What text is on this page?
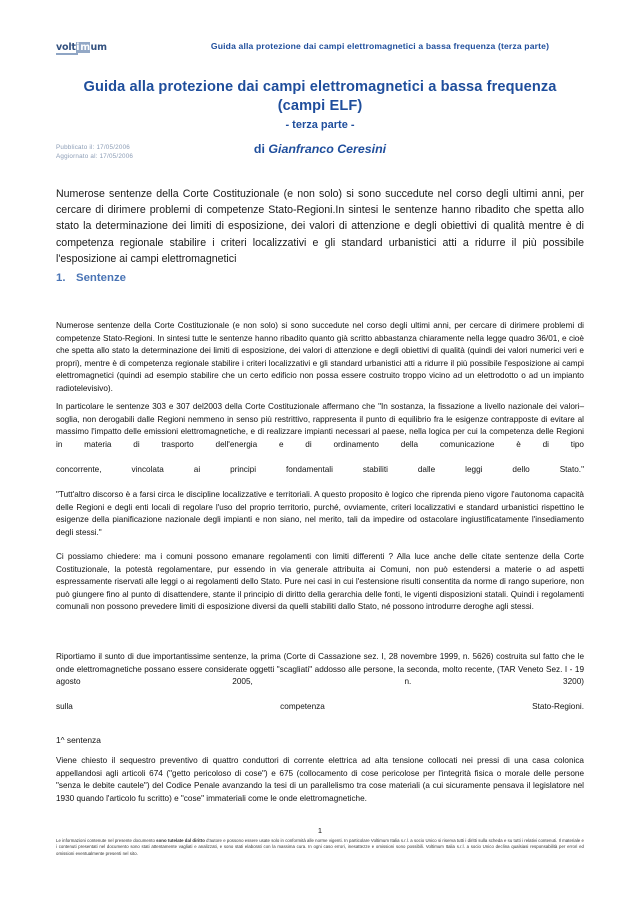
voltimum	Guida alla protezione dai campi elettromagnetici a bassa frequenza (terza parte)
Guida alla protezione dai campi elettromagnetici a bassa frequenza
(campi ELF)
- terza parte -
Pubblicato il: 17/05/2006
Aggiornato al: 17/05/2006	di Gianfranco Ceresini
Numerose sentenze della Corte Costituzionale (e non solo) si sono succedute nel corso degli ultimi anni, per cercare di dirimere problemi di competenze Stato-Regioni.In sintesi le sentenze hanno ribadito che spetta allo stato la determinazione dei limiti di esposizione, dei valori di attenzione e degli obiettivi di qualità mentre è di competenza regionale stabilire i criteri localizzativi e gli standard urbanistici atti a ridurre il più possibile l'esposizione ai campi elettromagnetici
1. Sentenze
Numerose sentenze della Corte Costituzionale (e non solo) si sono succedute nel corso degli ultimi anni, per cercare di dirimere problemi di competenze Stato-Regioni. In sintesi tutte le sentenze hanno ribadito quanto già scritto abbastanza chiaramente nella legge quadro 36/01, e cioè che spetta allo stato la determinazione dei limiti di esposizione, dei valori di attenzione e degli obiettivi di qualità (quindi dei valori numerici veri e propri), mentre è di competenza regionale stabilire i criteri localizzativi e gli standard urbanistici atti a ridurre il più possibile l'esposizione ai campi elettromagnetici (quindi ad esempio stabilire che un certo edificio non possa essere costruito troppo vicino ad un elettrodotto o ad un impianto radiotelevisivo).
In particolare le sentenze 303 e 307 del2003 della Corte Costituzionale affermano che "In sostanza, la fissazione a livello nazionale dei valori–soglia, non derogabili dalle Regioni nemmeno in senso più restrittivo, rappresenta il punto di equilibrio fra le esigenze contrapposte di evitare al massimo l'impatto delle emissioni elettromagnetiche, e di realizzare impianti necessari al paese, nella logica per cui la competenza delle Regioni in materia di trasporto dell'energia e di ordinamento della comunicazione è di tipo
concorrente, vincolata ai principi fondamentali stabiliti dalle leggi dello Stato."
"Tutt'altro discorso è a farsi circa le discipline localizzative e territoriali. A questo proposito è logico che riprenda pieno vigore l'autonoma capacità delle Regioni e degli enti locali di regolare l'uso del proprio territorio, purché, ovviamente, criteri localizzativi e standard urbanistici rispettino le esigenze della pianificazione nazionale degli impianti e non siano, nel merito, tali da impedire od ostacolare ingiustificatamente l'insediamento degli stessi."
Ci possiamo chiedere: ma i comuni possono emanare regolamenti con limiti differenti ? Alla luce anche delle citate sentenze della Corte Costituzionale, la potestà regolamentare, pur essendo in via generale attribuita ai Comuni, non può estendersi a materie o ad aspetti espressamente riservati alle leggi o ai regolamenti dello Stato. Pure nei casi in cui l'estensione risulti consentita da norme di rango superiore, non può giungere fino al punto di disattendere, stante il principio di diritto della gerarchia delle fonti, le vigenti disposizioni statali. Quindi i regolamenti comunali non possono prevedere limiti di esposizione diversi da quelli stabiliti dallo Stato, né possono introdurre deroghe agli stessi.
Riportiamo il sunto di due importantissime sentenze, la prima (Corte di Cassazione sez. I, 28 novembre 1999, n. 5626) costruita sul fatto che le onde elettromagnetiche possano essere considerate oggetti "scagliati" addosso alle persone, la seconda, molto recente, (TAR Veneto Sez. I - 19 agosto 2005, n. 3200)
sulla	competenza	Stato-Regioni.
1^ sentenza
Viene chiesto il sequestro preventivo di quattro conduttori di corrente elettrica ad alta tensione collocati nei pressi di una casa colonica appellandosi agli articoli 674 ("getto pericoloso di cose") e 675 (collocamento di cose pericolose per l'integrità fisica o morale delle persone "senza le debite cautele") del Codice Penale avanzando la tesi di un parallelismo tra cose materiali (a cui sicuramente pensava il legislatore nel 1930 quando l'articolo fu scritto) e "cose" immateriali come le onde elettromagnetiche.
1
Le informazioni contenute nel presente documento sono tutelate dal diritto d'autore e possono essere usate solo in conformità alle norme vigenti. In particolare Voltimum Italia s.r.l. a socio Unico si riserva tutti i diritti sulla scheda e su tutti i relativi contenuti. Il materiale e i contenuti presentati nel documento sono stati attentamente vagliati e analizzati, e sono stati elaborati con la massima cura. In ogni caso errori, inesattezze e omissioni sono possibili. Voltimum Italia s.r.l. a socio Unico declina qualsiasi responsabilità per errori ed omissioni eventualmente presenti nel sito.
